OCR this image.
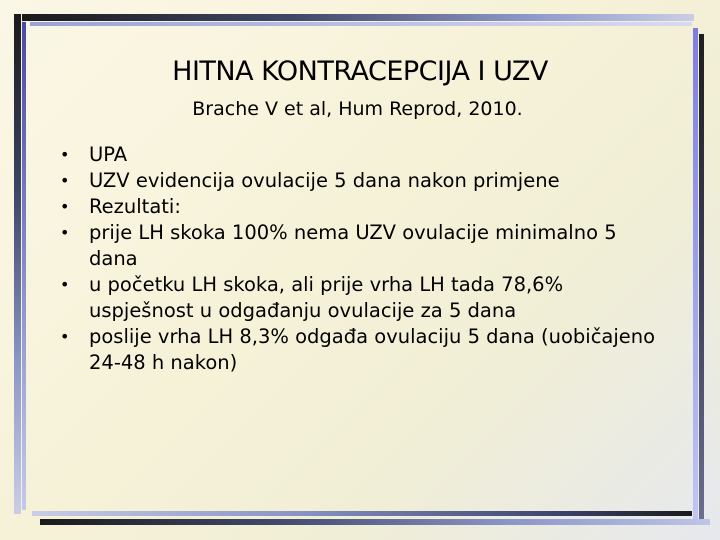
HITNA KONTRACEPCIJA I UZV
Brache V et al, Hum Reprod, 2010.
• UPA
• UZV evidencija ovulacije 5 dana nakon primjene
• Rezultati:
• prije LH skoka 100% nema UZV ovulacije minimalno 5 dana
• u početku LH skoka, ali prije vrha LH tada 78,6% uspješnost u odgađanju ovulacije za 5 dana
• poslije vrha LH 8,3% odgađa ovulaciju 5 dana (uobičajeno 24-48 h nakon)
